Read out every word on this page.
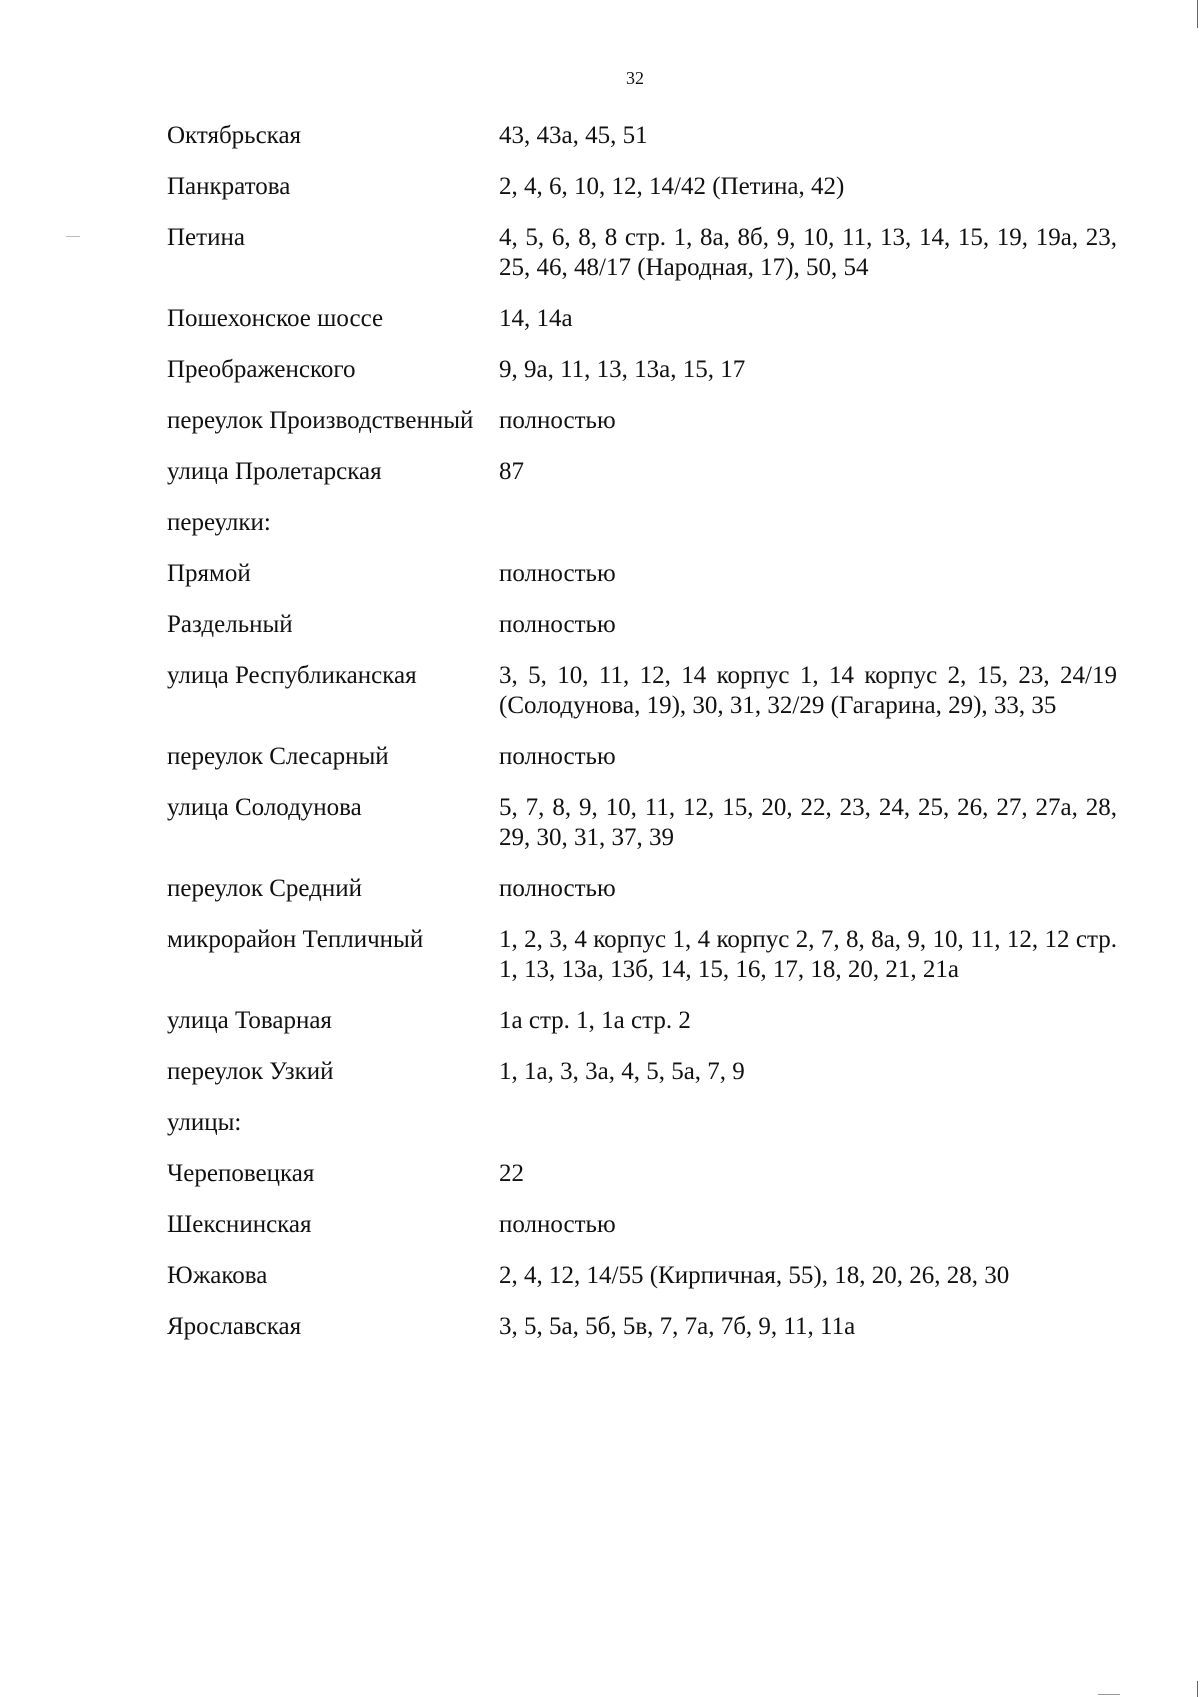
32
Октябрьская	43, 43а, 45, 51
Панкратова	2, 4, 6, 10, 12, 14/42 (Петина, 42)
Петина	4, 5, 6, 8, 8 стр. 1, 8а, 8б, 9, 10, 11, 13, 14, 15, 19, 19а, 23, 25, 46, 48/17 (Народная, 17), 50, 54
Пошехонское шоссе	14, 14а
Преображенского	9, 9а, 11, 13, 13а, 15, 17
переулок Производственный	полностью
улица Пролетарская	87
переулки:
Прямой	полностью
Раздельный	полностью
улица Республиканская	3, 5, 10, 11, 12, 14 корпус 1, 14 корпус 2, 15, 23, 24/19 (Солодунова, 19), 30, 31, 32/29 (Гагарина, 29), 33, 35
переулок Слесарный	полностью
улица Солодунова	5, 7, 8, 9, 10, 11, 12, 15, 20, 22, 23, 24, 25, 26, 27, 27а, 28, 29, 30, 31, 37, 39
переулок Средний	полностью
микрорайон Тепличный	1, 2, 3, 4 корпус 1, 4 корпус 2, 7, 8, 8а, 9, 10, 11, 12, 12 стр. 1, 13, 13а, 13б, 14, 15, 16, 17, 18, 20, 21, 21а
улица Товарная	1а стр. 1, 1а стр. 2
переулок Узкий	1, 1а, 3, 3а, 4, 5, 5а, 7, 9
улицы:
Череповецкая	22
Шекснинская	полностью
Южакова	2, 4, 12, 14/55 (Кирпичная, 55), 18, 20, 26, 28, 30
Ярославская	3, 5, 5а, 5б, 5в, 7, 7а, 7б, 9, 11, 11а
